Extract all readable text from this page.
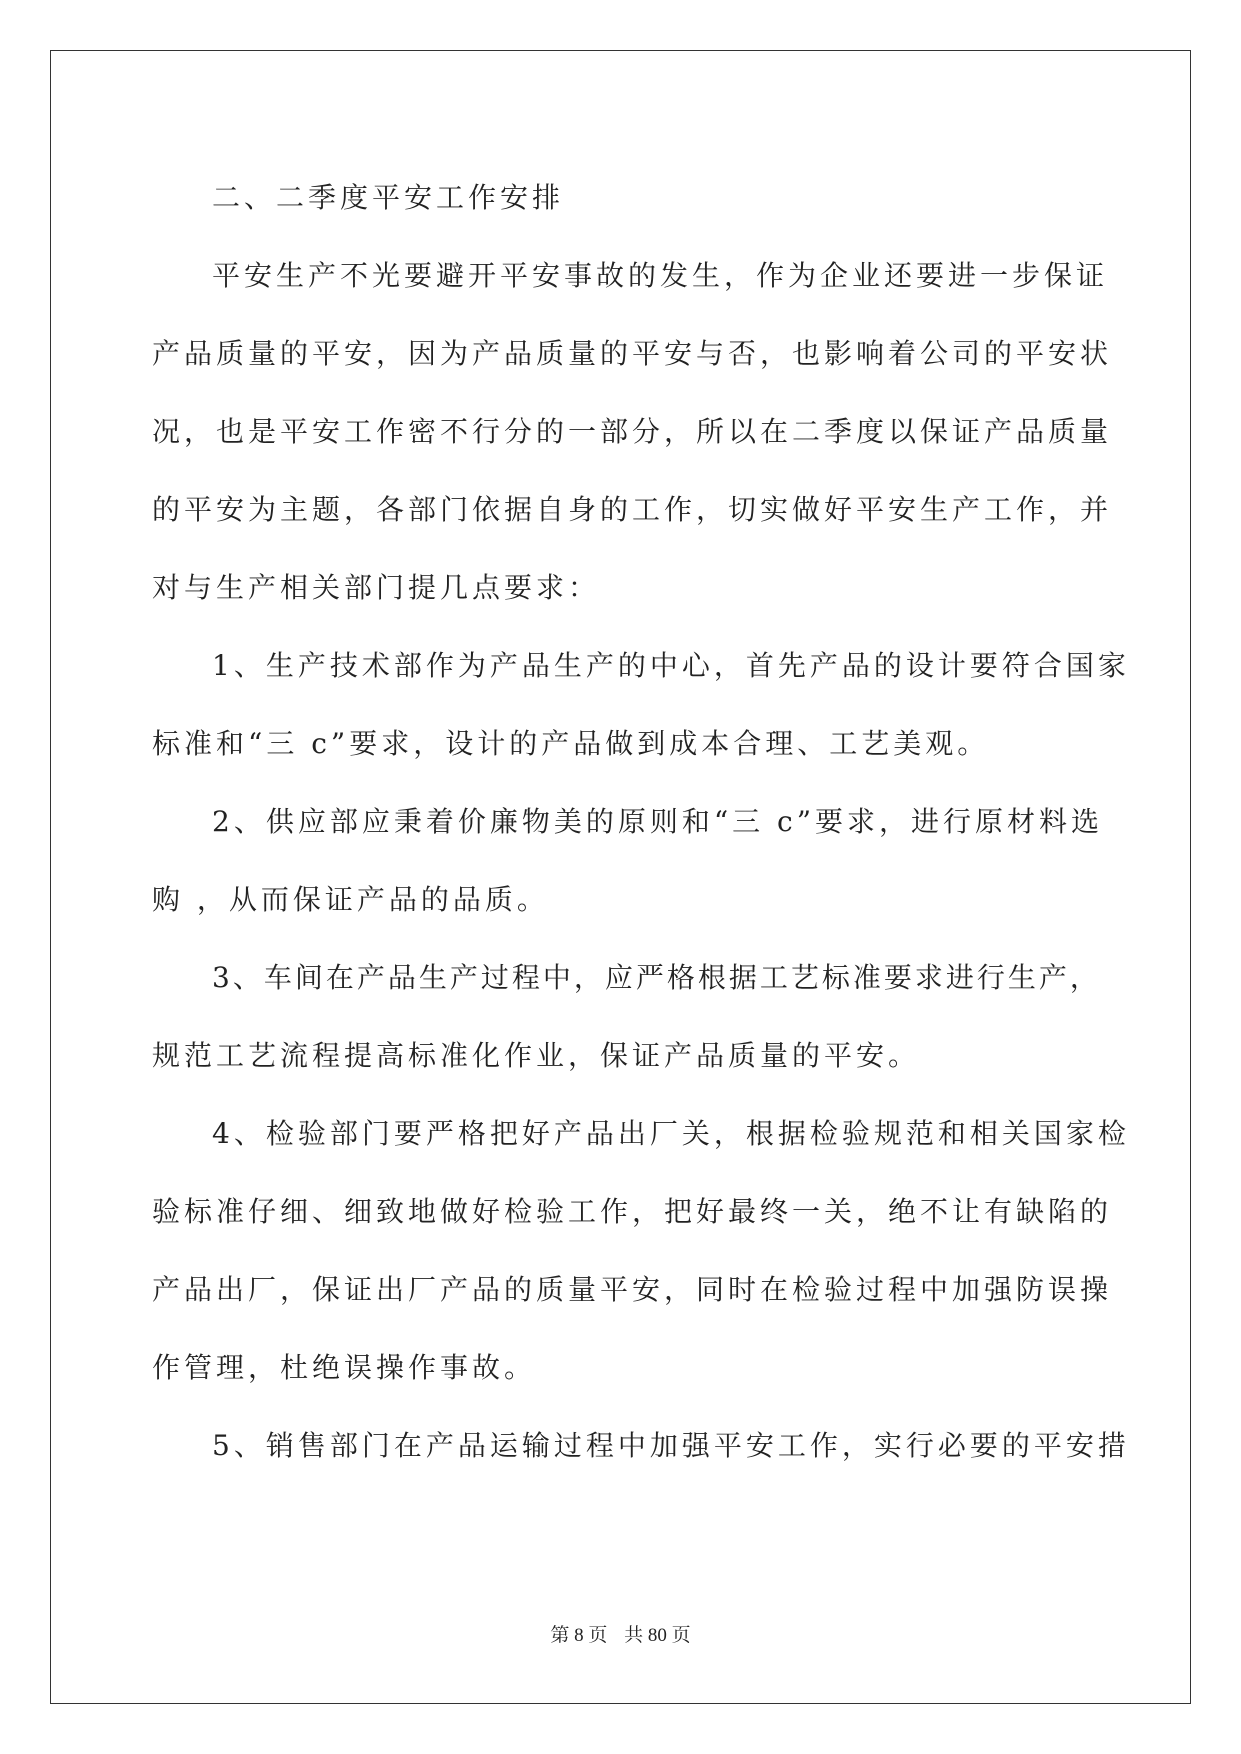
二、二季度平安工作安排
平安生产不光要避开平安事故的发生，作为企业还要进一步保证
产品质量的平安，因为产品质量的平安与否，也影响着公司的平安状
况，也是平安工作密不行分的一部分，所以在二季度以保证产品质量
的平安为主题，各部门依据自身的工作，切实做好平安生产工作，并
对与生产相关部门提几点要求：
1、生产技术部作为产品生产的中心，首先产品的设计要符合国家
标准和“三 c”要求，设计的产品做到成本合理、工艺美观。
2、供应部应秉着价廉物美的原则和“三 c”要求，进行原材料选
购 ，从而保证产品的品质。
3、车间在产品生产过程中，应严格根据工艺标准要求进行生产，
规范工艺流程提高标准化作业，保证产品质量的平安。
4、检验部门要严格把好产品出厂关，根据检验规范和相关国家检
验标准仔细、细致地做好检验工作，把好最终一关，绝不让有缺陷的
产品出厂，保证出厂产品的质量平安，同时在检验过程中加强防误操
作管理，杜绝误操作事故。
5、销售部门在产品运输过程中加强平安工作，实行必要的平安措
第 8 页 共 80 页
